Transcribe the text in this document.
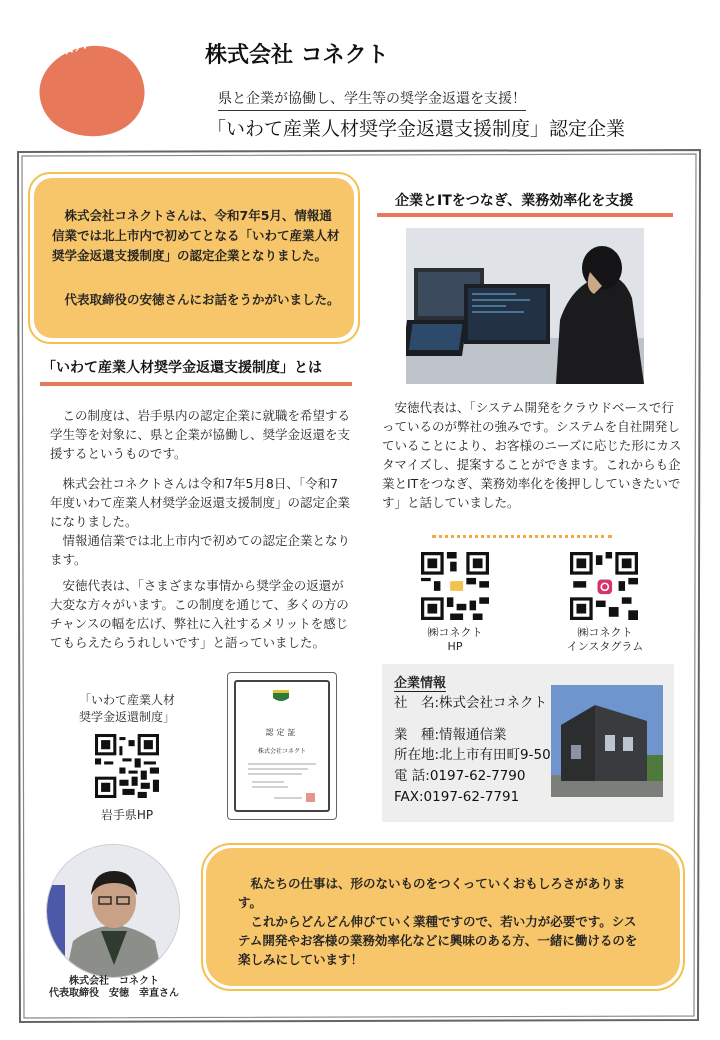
企業紹介	株式会社 コネクト
県と企業が協働し、学生等の奨学金返還を支援！
「いわて産業人材奨学金返還支援制度」認定企業
株式会社コネクトさんは、令和7年5月、情報通信業では北上市内で初めてとなる「いわて産業人材奨学金返還支援制度」の認定企業となりました。
代表取締役の安徳さんにお話をうかがいました。
「いわて産業人材奨学金返還支援制度」とは
この制度は、岩手県内の認定企業に就職を希望する学生等を対象に、県と企業が協働し、奨学金返還を支援するというものです。
株式会社コネクトさんは令和7年5月8日、「令和7年度いわて産業人材奨学金返還支援制度」の認定企業になりました。
情報通信業では北上市内で初めての認定企業となります。
安徳代表は、「さまざまな事情から奨学金の返還が大変な方々がいます。この制度を通じて、多くの方のチャンスの幅を広げ、弊社に入社するメリットを感じてもらえたらうれしいです」と語っていました。
「いわて産業人材
奨学金返還制度」
岩手県HP
認定証
株式会社コネクト
企業とITをつなぎ、業務効率化を支援
安徳代表は、「システム開発をクラウドベースで行っているのが弊社の強みです。システムを自社開発していることにより、お客様のニーズに応じた形にカスタマイズし、提案することができます。これからも企業とITをつなぎ、業務効率化を後押ししていきたいです」と話していました。
㈱コネクト
HP
㈱コネクト
インスタグラム
企業情報
社　名:株式会社コネクト
業　種:情報通信業
所在地:北上市有田町9-50
電 話:0197-62-7790
FAX:0197-62-7791
株式会社　コネクト
代表取締役　安徳　幸直さん

私たちの仕事は、形のないものをつくっていくおもしろさがあります。

これからどんどん伸びていく業種ですので、若い力が必要です。システム開発やお客様の業務効率化などに興味のある方、一緒に働けるのを楽しみにしています！
